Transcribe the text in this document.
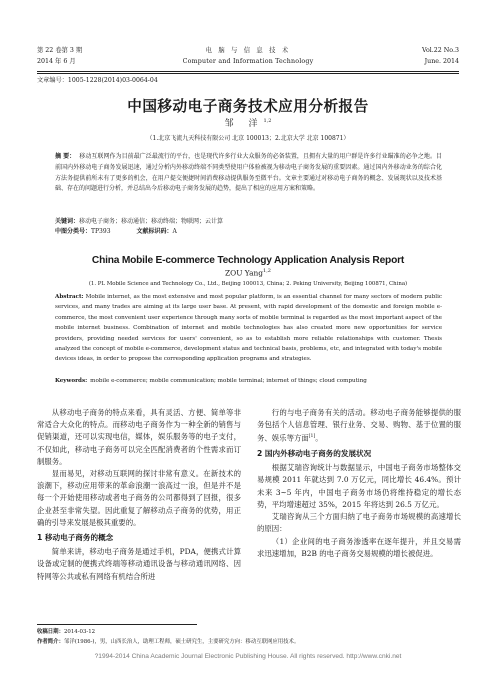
第 22 卷第 3 期	电 脑 与 信 息 技 术	Vol.22 No.3
2014 年 6 月	Computer and Information Technology	June. 2014
文章编号：1005-1228(2014)03-0064-04
中国移动电子商务技术应用分析报告
邹 洋$^{1,2}$
（1.北京飞流九天科技有限公司 北京 100013；2.北京大学 北京 100871）
摘 要： 移动互联网作为目前最广泛最流行的平台，也是现代许多行业大众服务的必备装置，且拥有大量的用户群是许多行业瞄准的必争之地。目前国内外移动电子商务发展迅速，通过分析内外移动终端不同类型使用户体验被视为移动电子商务发展的重要因素。通过国内外移动业务的综合化方法务提供前所未有了更多的机会，在用户提交便捷时间消费移动提供服务至微平台。文章主要通过对移动电子商务的概念、发展现状以及技术基础、存在的问题进行分析，并总结出今后移动电子商务发展的趋势，提出了相应的应用方案和策略。
关键词：移动电子商务；移动通信；移动终端；物联网；云计算
中图分类号：TP393	文献标识码：A
China Mobile E-commerce Technology Application Analysis Report
ZOU Yang$^{1,2}$
(1. PL Mobile Science and Technology Co., Ltd., Beijing 100013, China; 2. Peking University, Beijing 100871, China)
Abstract: Mobile internet, as the most extensive and most popular platform, is an essential channel for many sectors of modern public services, and many trades are aiming at its large user base. At present, with rapid development of the domestic and foreign mobile e-commerce, the most convenient user experience through many sorts of mobile terminal is regarded as the most important aspect of the mobile internet business. Combination of internet and mobile technologies has also created more new opportunities for service providers, providing needed services for users' convenient, so as to establish more reliable relationships with customer. Thesis analyzed the concept of mobile e-commerce, development status and technical basis, problems, etc, and integrated with today's mobile devices ideas, in order to propose the corresponding application programs and strategies.
Keywords: mobile e-commerce; mobile communication; mobile terminal; internet of things; cloud computing

从移动电子商务的特点来看，具有灵活、方便、简单等非常适合大众化的特点。而移动电子商务作为一种全新的销售与促销渠道，还可以实现电信，媒体，娱乐服务等的电子支付，不仅如此，移动电子商务可以完全匹配消费者的个性需求而订制服务。

显而易见，对移动互联网的探讨非常有意义。在新技术的浪潮下，移动应用带来的革命浪潮一浪高过一浪，但是并不是每一个开始使用移动或者电子商务的公司都得到了回报，很多企业甚至非常失望。因此重复了解移动点子商务的优势，用正确的引导来发展是极其重要的。

1 移动电子商务的概念

简单来讲，移动电子商务是通过手机，PDA，便携式计算设备或定制的便携式终端等移动通讯设备与移动通讯网络、因特网等公共或私有网络有机结合所进

行的与电子商务有关的活动。移动电子商务能够提供的服务包括个人信息管理、银行业务、交易、购物、基于位置的服务、娱乐等方面[1]。

2 国内外移动电子商务的发展状况

根据艾瑞咨询统计与数据显示，中国电子商务市场整体交易规模 2011 年就达到 7.0 万亿元，同比增长 46.4%。预计未来 3~5 年内，中国电子商务市场仍将维持稳定的增长态势，平均增速超过 35%，2015 年将达到 26.5 万亿元。

艾瑞咨询从三个方面归纳了电子商务市场规模的高速增长的原因：

（1）企业间的电子商务渗透率在逐年提升，并且交易需求迅速增加，B2B 的电子商务交易规模的增长被促进。

收稿日期：2014-03-12
作者简介：邹洋(1986-)，男，山西长治人，助理工程师，硕士研究生，主要研究方向：移动互联网应用技术。
?1994-2014 China Academic Journal Electronic Publishing House. All rights reserved. http://www.cnki.net
